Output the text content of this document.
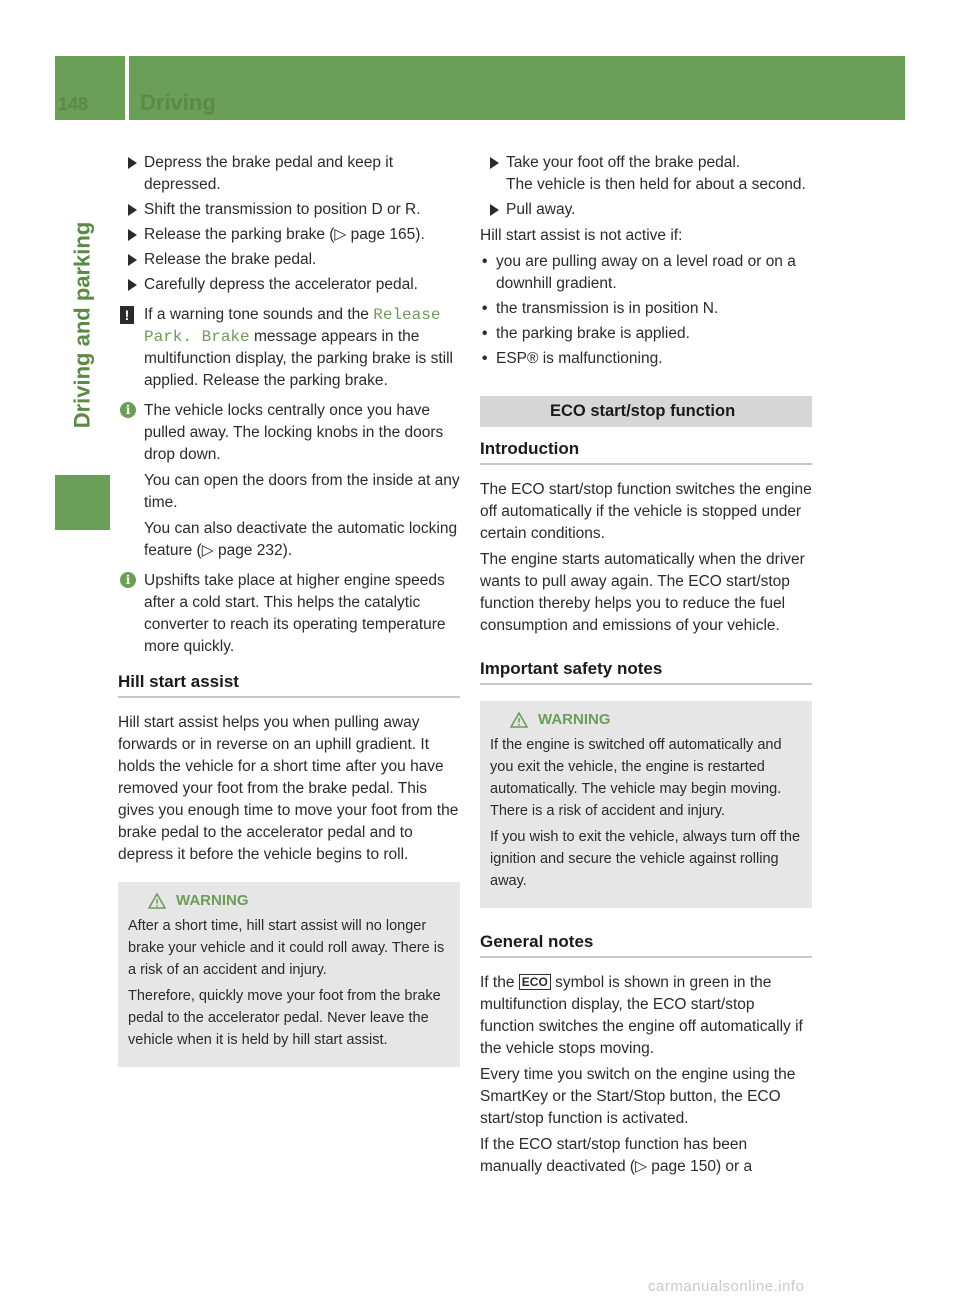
148 Driving
Driving and parking
Depress the brake pedal and keep it depressed.
Shift the transmission to position D or R.
Release the parking brake (▷ page 165).
Release the brake pedal.
Carefully depress the accelerator pedal.
! If a warning tone sounds and the Release Park. Brake message appears in the multifunction display, the parking brake is still applied. Release the parking brake.
i The vehicle locks centrally once you have pulled away. The locking knobs in the doors drop down.
You can open the doors from the inside at any time.
You can also deactivate the automatic locking feature (▷ page 232).
i Upshifts take place at higher engine speeds after a cold start. This helps the catalytic converter to reach its operating temperature more quickly.
Hill start assist
Hill start assist helps you when pulling away forwards or in reverse on an uphill gradient. It holds the vehicle for a short time after you have removed your foot from the brake pedal. This gives you enough time to move your foot from the brake pedal to the accelerator pedal and to depress it before the vehicle begins to roll.
WARNING
After a short time, hill start assist will no longer brake your vehicle and it could roll away. There is a risk of an accident and injury.
Therefore, quickly move your foot from the brake pedal to the accelerator pedal. Never leave the vehicle when it is held by hill start assist.
Take your foot off the brake pedal.
The vehicle is then held for about a second.
Pull away.
Hill start assist is not active if:
• you are pulling away on a level road or on a downhill gradient.
• the transmission is in position N.
• the parking brake is applied.
• ESP® is malfunctioning.
ECO start/stop function
Introduction
The ECO start/stop function switches the engine off automatically if the vehicle is stopped under certain conditions.
The engine starts automatically when the driver wants to pull away again. The ECO start/stop function thereby helps you to reduce the fuel consumption and emissions of your vehicle.
Important safety notes
WARNING
If the engine is switched off automatically and you exit the vehicle, the engine is restarted automatically. The vehicle may begin moving. There is a risk of accident and injury.
If you wish to exit the vehicle, always turn off the ignition and secure the vehicle against rolling away.
General notes
If the ECO symbol is shown in green in the multifunction display, the ECO start/stop function switches the engine off automatically if the vehicle stops moving.
Every time you switch on the engine using the SmartKey or the Start/Stop button, the ECO start/stop function is activated.
If the ECO start/stop function has been manually deactivated (▷ page 150) or a
carmanualsonline.info
